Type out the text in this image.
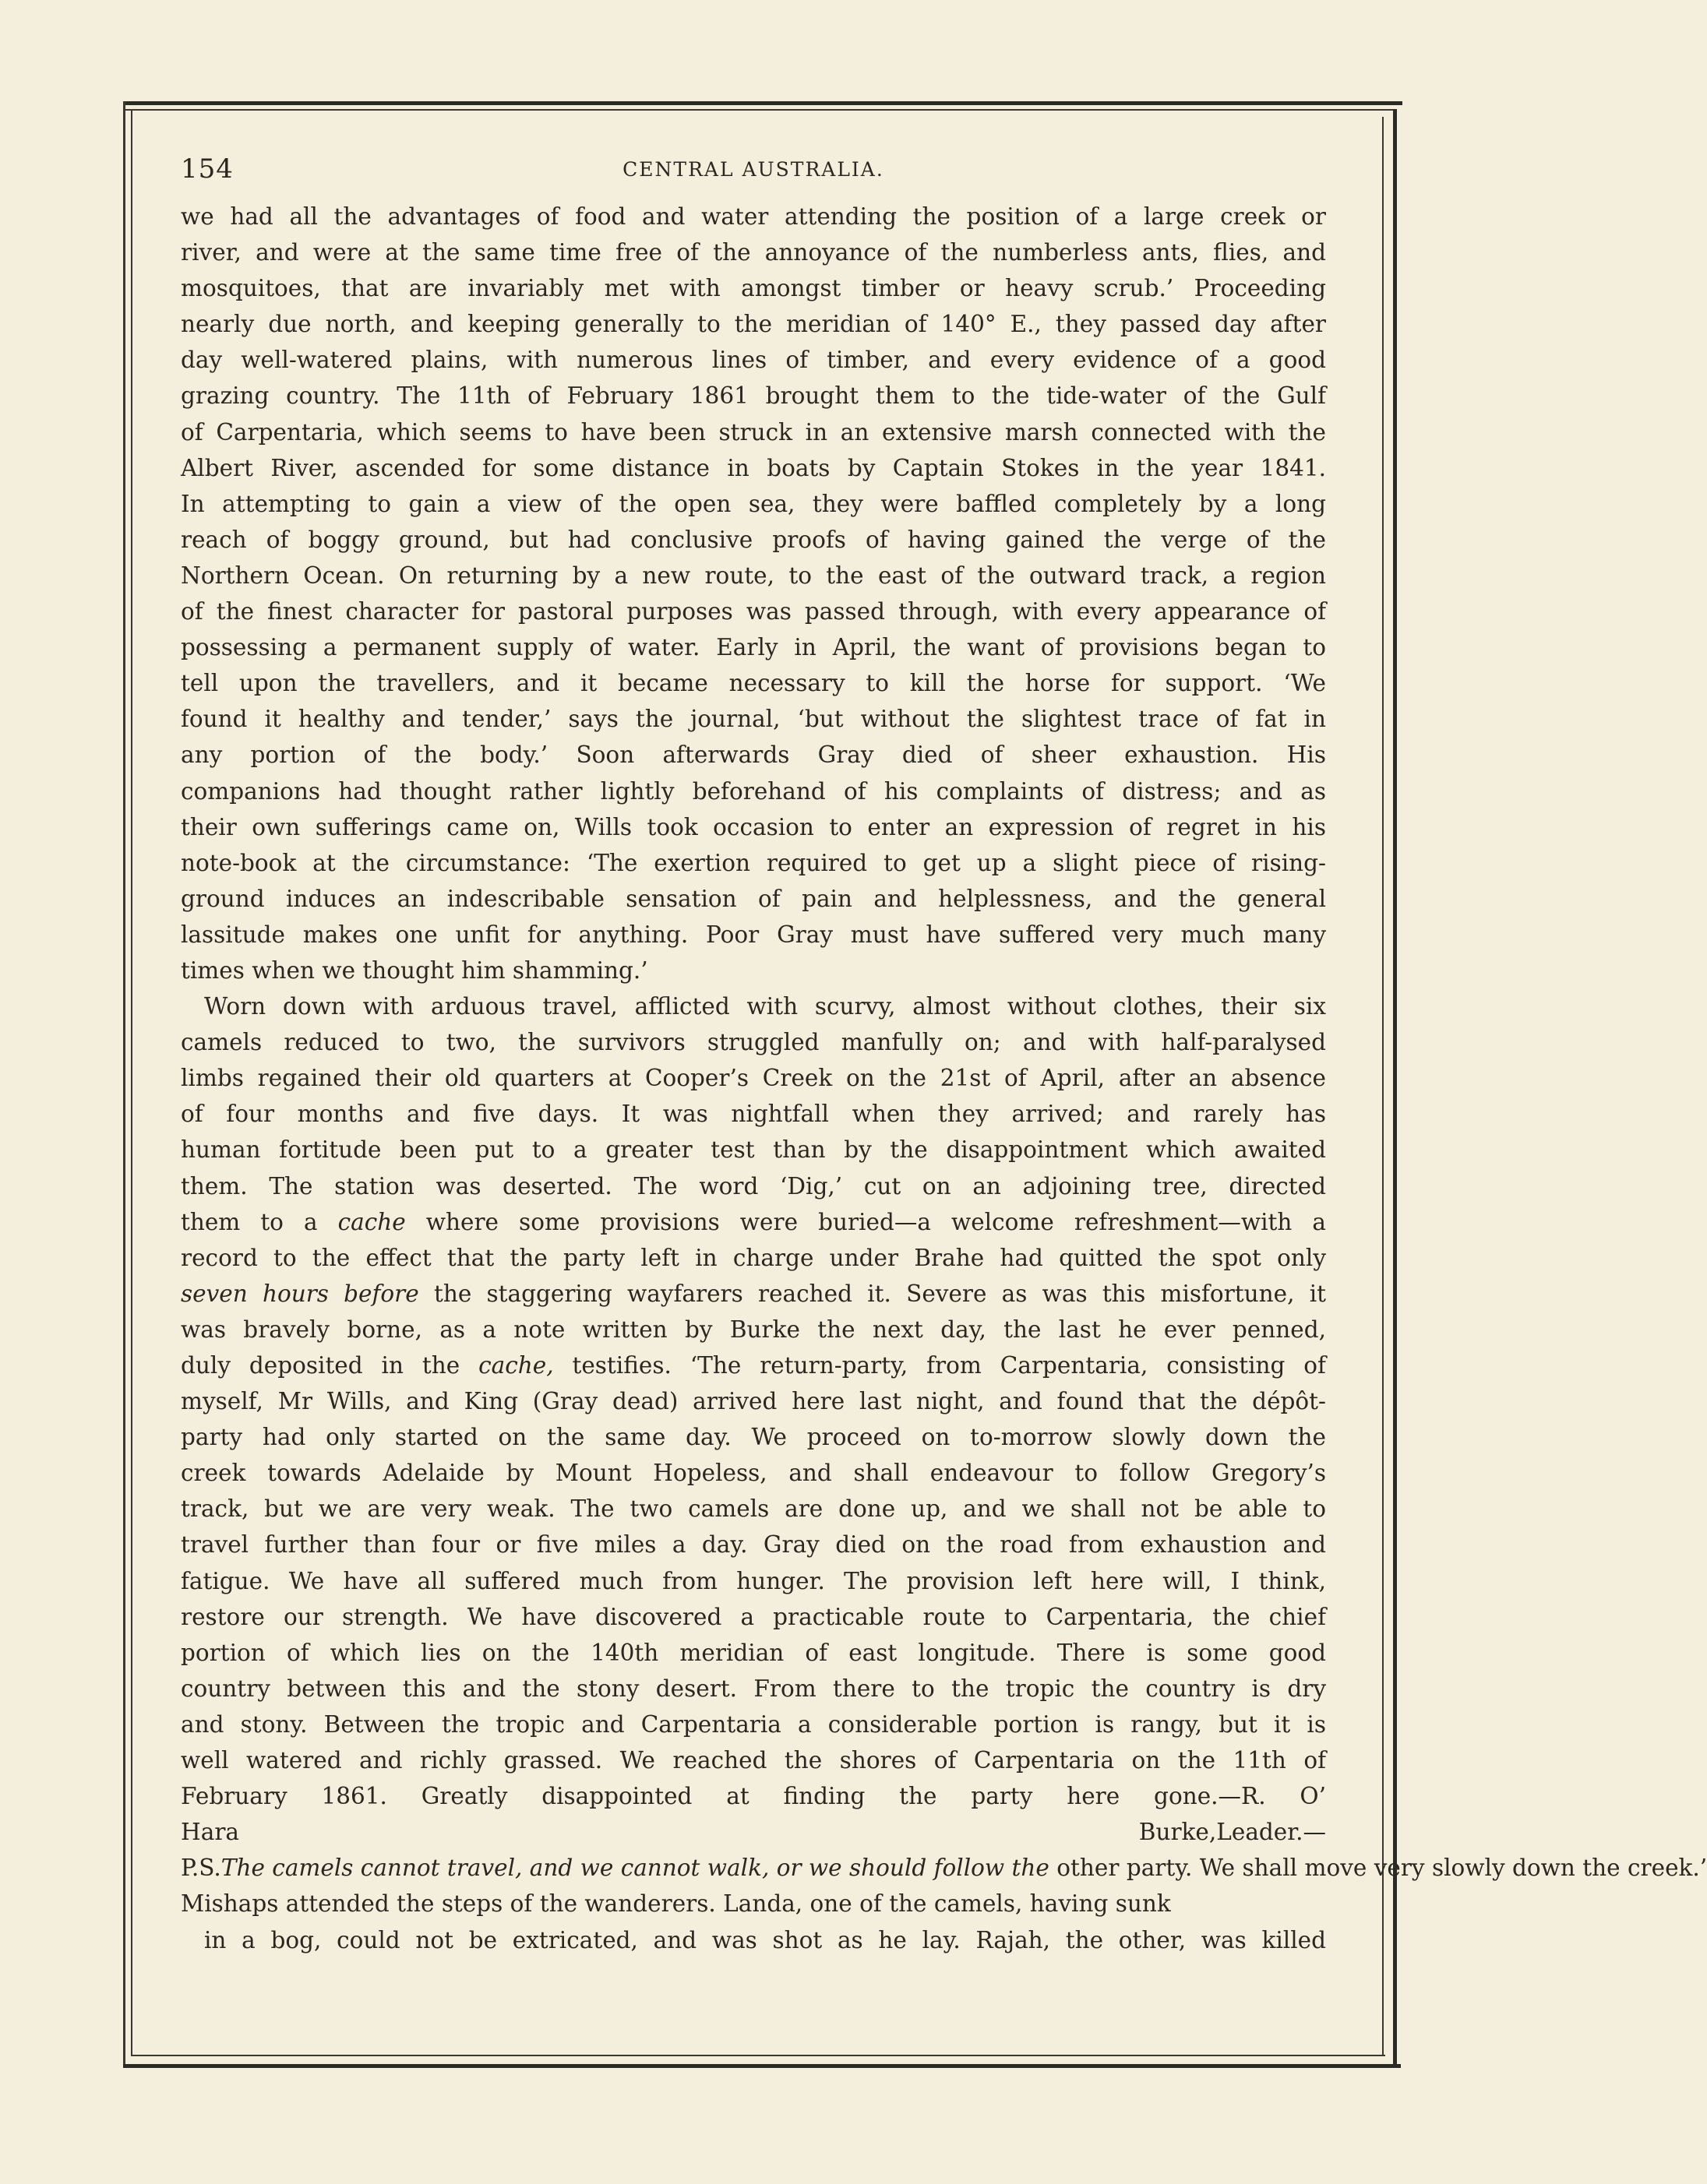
154	CENTRAL AUSTRALIA.
we had all the advantages of food and water attending the position of a large creek or
river, and were at the same time free of the annoyance of the numberless ants, flies, and
mosquitoes, that are invariably met with amongst timber or heavy scrub.’ Proceeding
nearly due north, and keeping generally to the meridian of 140° E., they passed day after
day well-watered plains, with numerous lines of timber, and every evidence of a good
grazing country. The 11th of February 1861 brought them to the tide-water of the Gulf
of Carpentaria, which seems to have been struck in an extensive marsh connected with the
Albert River, ascended for some distance in boats by Captain Stokes in the year 1841.
In attempting to gain a view of the open sea, they were baffled completely by a long
reach of boggy ground, but had conclusive proofs of having gained the verge of the
Northern Ocean. On returning by a new route, to the east of the outward track, a region
of the finest character for pastoral purposes was passed through, with every appearance of
possessing a permanent supply of water. Early in April, the want of provisions began to
tell upon the travellers, and it became necessary to kill the horse for support. ‘We
found it healthy and tender,’ says the journal, ‘but without the slightest trace of fat in
any portion of the body.’ Soon afterwards Gray died of sheer exhaustion. His
companions had thought rather lightly beforehand of his complaints of distress; and as
their own sufferings came on, Wills took occasion to enter an expression of regret in his
note-book at the circumstance: ‘The exertion required to get up a slight piece of rising-
ground induces an indescribable sensation of pain and helplessness, and the general
lassitude makes one unfit for anything. Poor Gray must have suffered very much many
times when we thought him shamming.’
Worn down with arduous travel, afflicted with scurvy, almost without clothes, their six
camels reduced to two, the survivors struggled manfully on; and with half-paralysed
limbs regained their old quarters at Cooper’s Creek on the 21st of April, after an absence
of four months and five days. It was nightfall when they arrived; and rarely has
human fortitude been put to a greater test than by the disappointment which awaited
them. The station was deserted. The word ‘Dig,’ cut on an adjoining tree, directed
them to a cache where some provisions were buried—a welcome refreshment—with a
record to the effect that the party left in charge under Brahe had quitted the spot only
seven hours before the staggering wayfarers reached it. Severe as was this misfortune, it
was bravely borne, as a note written by Burke the next day, the last he ever penned,
duly deposited in the cache, testifies. ‘The return-party, from Carpentaria, consisting of
myself, Mr Wills, and King (Gray dead) arrived here last night, and found that the dépôt-
party had only started on the same day. We proceed on to-morrow slowly down the
creek towards Adelaide by Mount Hopeless, and shall endeavour to follow Gregory’s
track, but we are very weak. The two camels are done up, and we shall not be able to
travel further than four or five miles a day. Gray died on the road from exhaustion and
fatigue. We have all suffered much from hunger. The provision left here will, I think,
restore our strength. We have discovered a practicable route to Carpentaria, the chief
portion of which lies on the 140th meridian of east longitude. There is some good
country between this and the stony desert. From there to the tropic the country is dry
and stony. Between the tropic and Carpentaria a considerable portion is rangy, but it is
well watered and richly grassed. We reached the shores of Carpentaria on the 11th of
February 1861. Greatly disappointed at finding the party here gone.—R. O’
Hara Burke,Leader.—
P.S.The camels cannot travel, and we cannot walk, or we should follow the other party. We shall move very slowly down the creek.’
Mishaps attended the steps of the wanderers. Landa, one of the camels, having sunk
in a bog, could not be extricated, and was shot as he lay. Rajah, the other, was killed
